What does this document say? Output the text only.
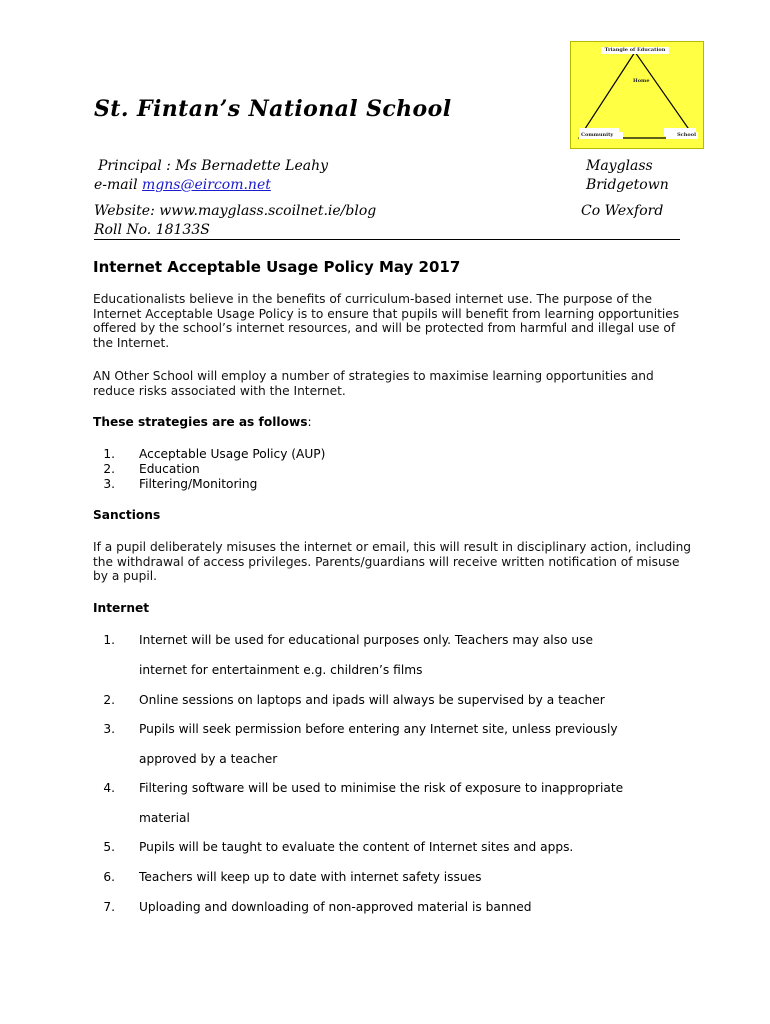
Triangle of Education
Home
Community	School
St. Fintan’s National School
Principal : Ms Bernadette Leahy
e-mail mgns@eircom.net
Website: www.mayglass.scoilnet.ie/blog
Roll No. 18133S
Mayglass
Bridgetown
Co Wexford
Internet Acceptable Usage Policy May 2017
Educationalists believe in the benefits of curriculum-based internet use. The purpose of the Internet Acceptable Usage Policy is to ensure that pupils will benefit from learning opportunities offered by the school’s internet resources, and will be protected from harmful and illegal use of the Internet.
AN Other School will employ a number of strategies to maximise learning opportunities and reduce risks associated with the Internet.
These strategies are as follows:
1. Acceptable Usage Policy (AUP)
2. Education
3. Filtering/Monitoring
Sanctions
If a pupil deliberately misuses the internet or email, this will result in disciplinary action, including the withdrawal of access privileges. Parents/guardians will receive written notification of misuse by a pupil.
Internet
1. Internet will be used for educational purposes only. Teachers may also use
internet for entertainment e.g. children’s films
2. Online sessions on laptops and ipads will always be supervised by a teacher
3. Pupils will seek permission before entering any Internet site, unless previously
approved by a teacher
4. Filtering software will be used to minimise the risk of exposure to inappropriate
material
5. Pupils will be taught to evaluate the content of Internet sites and apps.
6. Teachers will keep up to date with internet safety issues
7. Uploading and downloading of non-approved material is banned
